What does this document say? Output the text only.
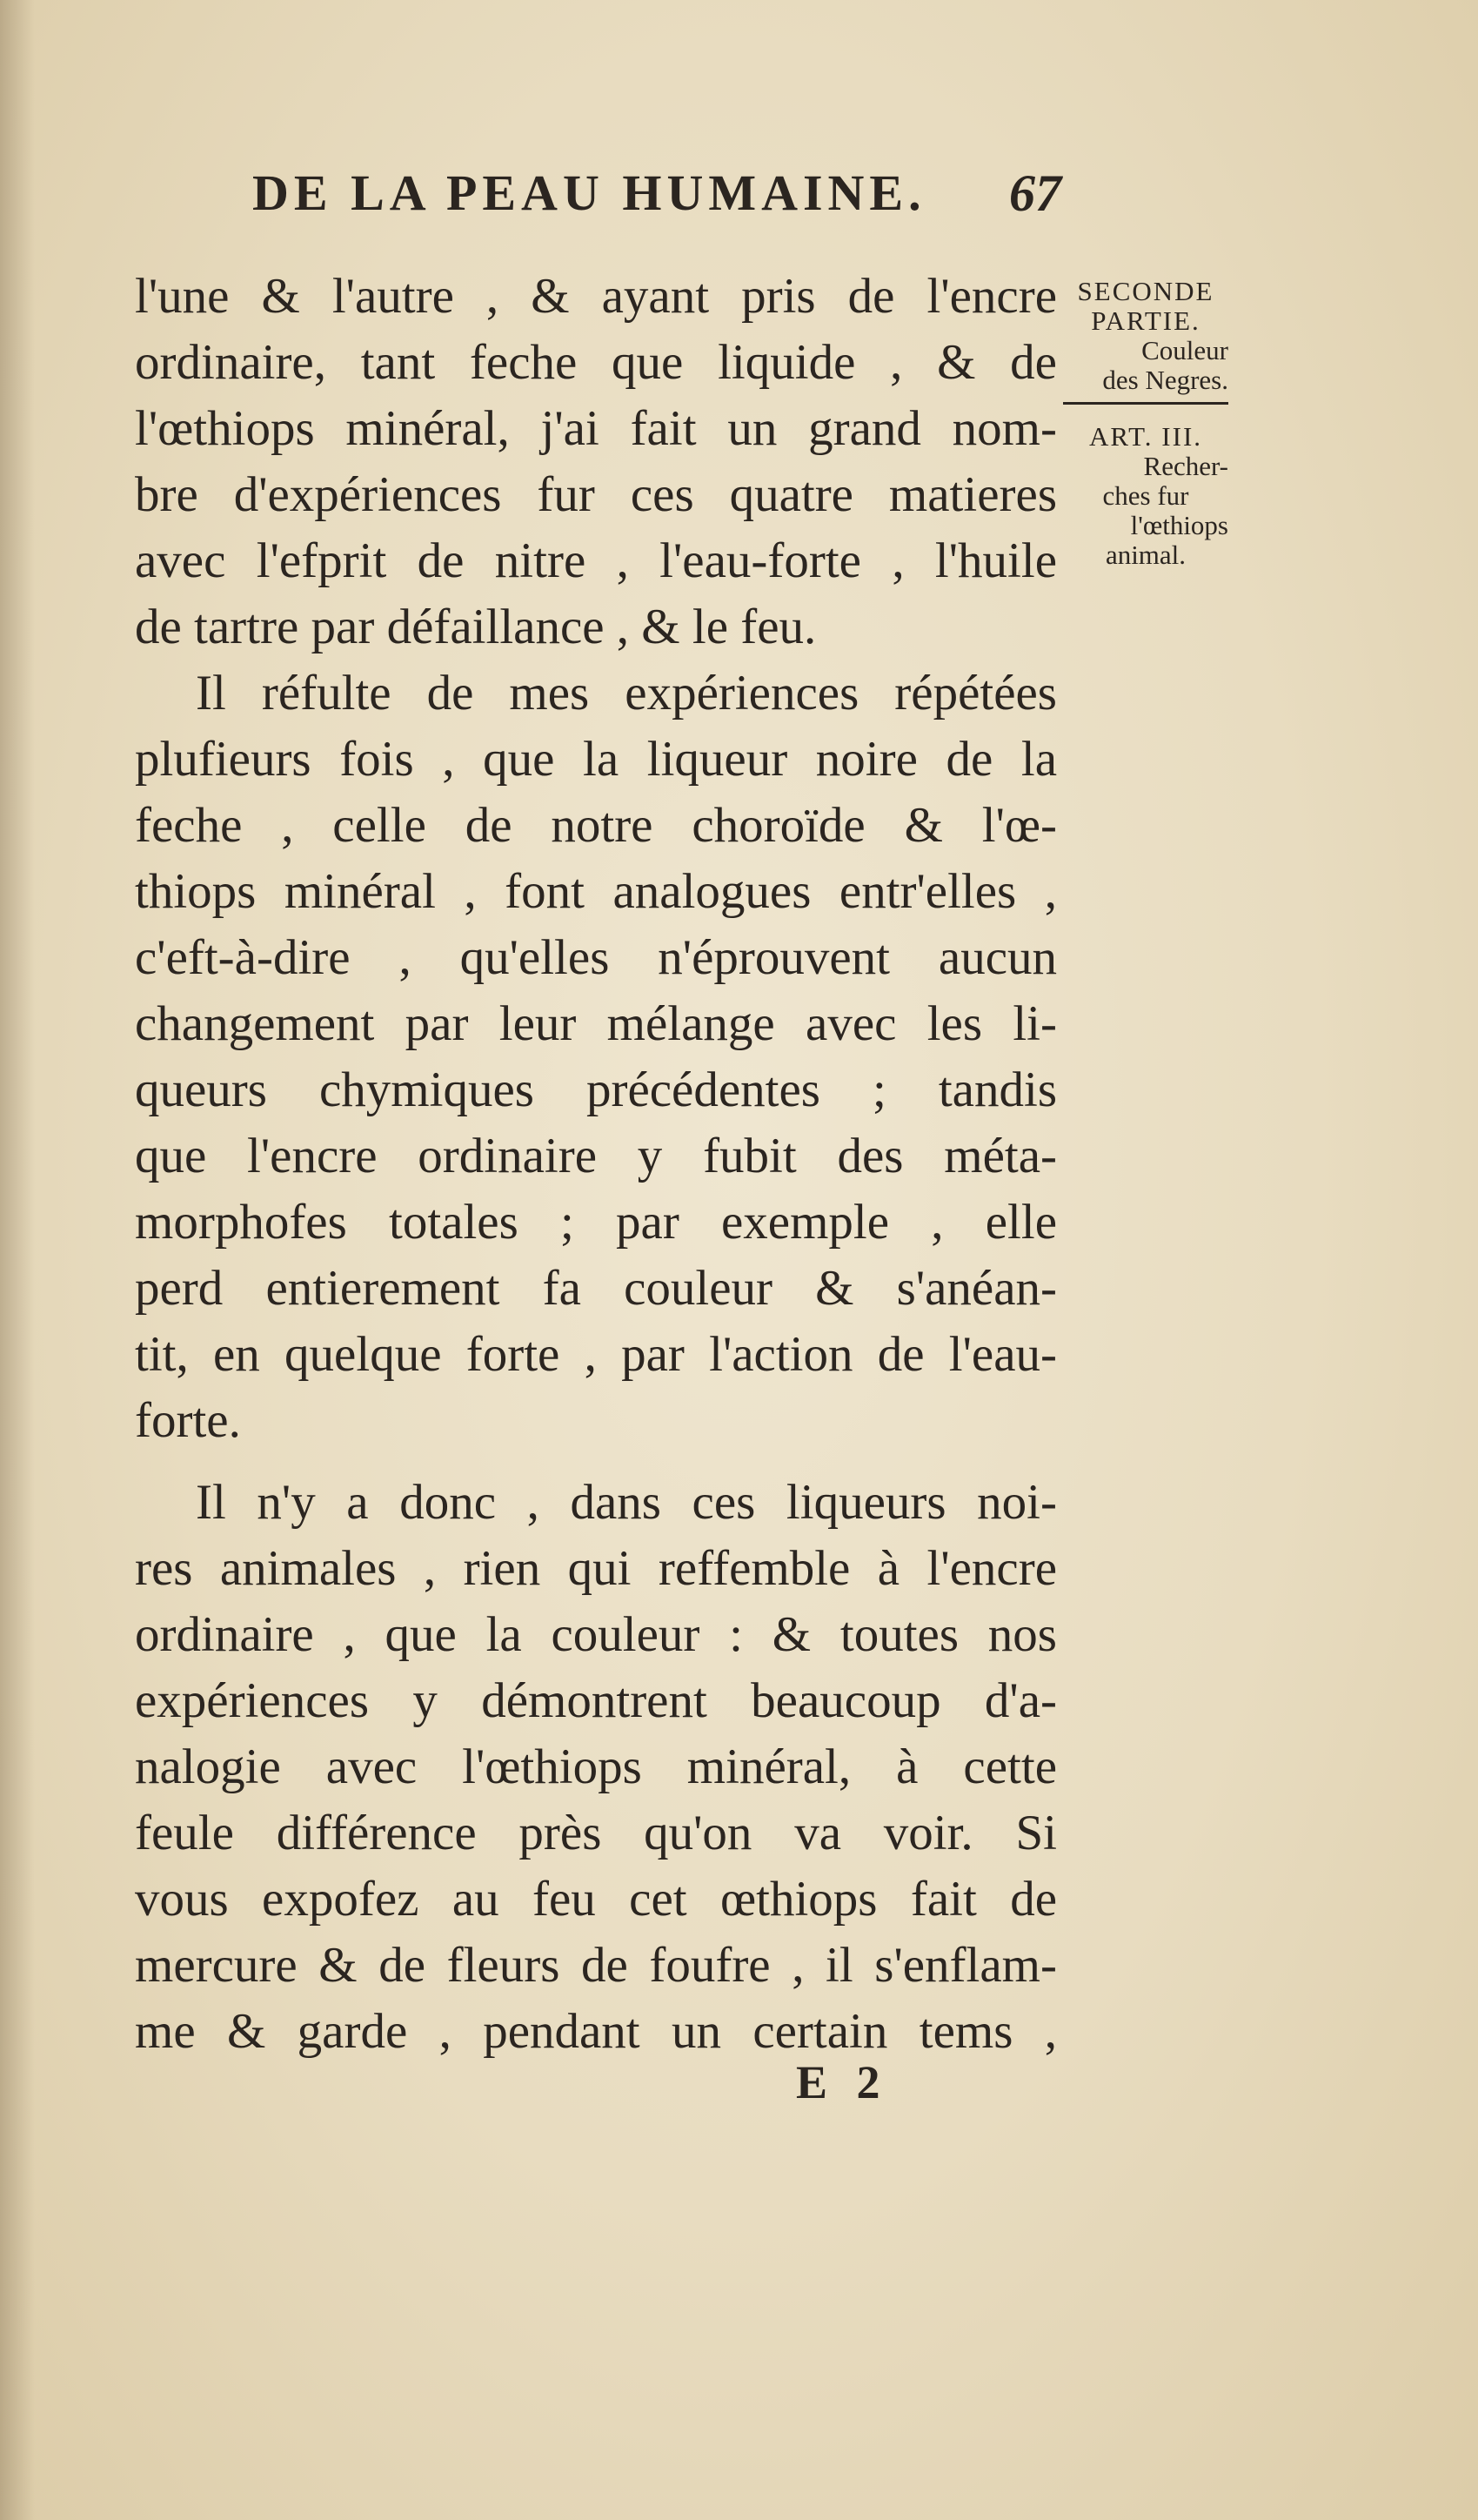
DE LA PEAU HUMAINE. 67
l'une & l'autre , & ayant pris de l'encre
ordinaire, tant feche que liquide , & de
l'œthiops minéral, j'ai fait un grand nom-
bre d'expériences fur ces quatre matieres
avec l'efprit de nitre , l'eau-forte , l'huile
de tartre par défaillance , & le feu.
Il réfulte de mes expériences répétées
plufieurs fois , que la liqueur noire de la
feche , celle de notre choroïde & l'œ-
thiops minéral , font analogues entr'elles ,
c'eft-à-dire , qu'elles n'éprouvent aucun
changement par leur mélange avec les li-
queurs chymiques précédentes ; tandis
que l'encre ordinaire y fubit des méta-
morphofes totales ; par exemple , elle
perd entierement fa couleur & s'anéan-
tit, en quelque forte , par l'action de l'eau-
forte.
Il n'y a donc , dans ces liqueurs noi-
res animales , rien qui reffemble à l'encre
ordinaire , que la couleur : & toutes nos
expériences y démontrent beaucoup d'a-
nalogie avec l'œthiops minéral, à cette
feule différence près qu'on va voir. Si
vous expofez au feu cet œthiops fait de
mercure & de fleurs de foufre , il s'enflam-
me & garde , pendant un certain tems ,
SECONDE
PARTIE.
Couleur
des Negres.
ART. III.
Recher-
ches fur
l'œthiops
animal.
E 2
